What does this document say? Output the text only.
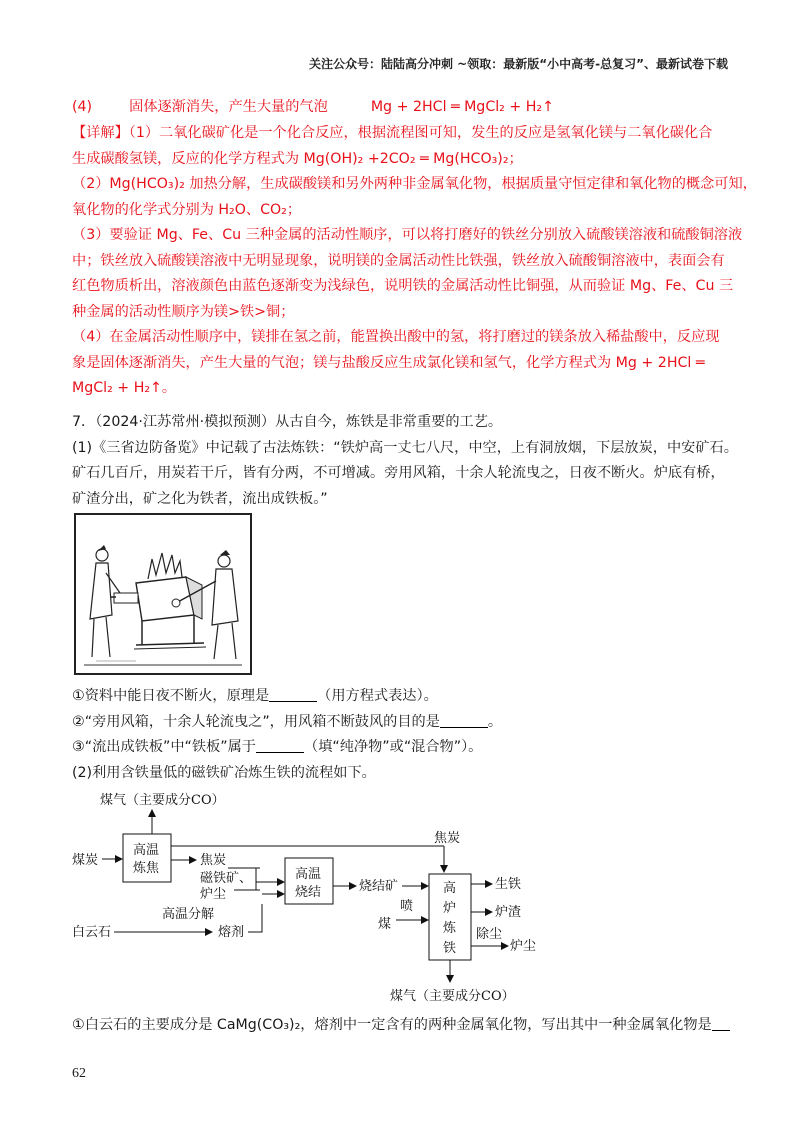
关注公众号：陆陆高分冲刺 ~领取：最新版“小中高考-总复习”、最新试卷下载
(4)	固体逐渐消失，产生大量的气泡	Mg + 2HCl ═ MgCl₂ + H₂↑
【详解】（1）二氧化碳矿化是一个化合反应，根据流程图可知，发生的反应是氢氧化镁与二氧化碳化合
生成碳酸氢镁，反应的化学方程式为 Mg(OH)₂ +2CO₂ ═ Mg(HCO₃)₂；
（2）Mg(HCO₃)₂ 加热分解，生成碳酸镁和另外两种非金属氧化物，根据质量守恒定律和氧化物的概念可知，
氧化物的化学式分别为 H₂O、CO₂；
（3）要验证 Mg、Fe、Cu 三种金属的活动性顺序，可以将打磨好的铁丝分别放入硫酸镁溶液和硫酸铜溶液
中；铁丝放入硫酸镁溶液中无明显现象，说明镁的金属活动性比铁强，铁丝放入硫酸铜溶液中，表面会有
红色物质析出，溶液颜色由蓝色逐渐变为浅绿色，说明铁的金属活动性比铜强，从而验证 Mg、Fe、Cu 三
种金属的活动性顺序为镁>铁>铜；
（4）在金属活动性顺序中，镁排在氢之前，能置换出酸中的氢，将打磨过的镁条放入稀盐酸中，反应现
象是固体逐渐消失，产生大量的气泡；镁与盐酸反应生成氯化镁和氢气，化学方程式为 Mg + 2HCl ═
MgCl₂ + H₂↑。
7．（2024·江苏常州·模拟预测）从古自今，炼铁是非常重要的工艺。
(1)《三省边防备览》中记载了古法炼铁：“铁炉高一丈七八尺，中空，上有洞放烟，下层放炭，中安矿石。
矿石几百斤，用炭若干斤，皆有分两，不可增减。旁用风箱，十余人轮流曳之，日夜不断火。炉底有桥，
矿渣分出，矿之化为铁者，流出成铁板。”
①资料中能日夜不断火，原理是	（用方程式表达）。
②“旁用风箱，十余人轮流曳之”，用风箱不断鼓风的目的是	。
③“流出成铁板”中“铁板”属于	（填“纯净物”或“混合物”）。
(2)利用含铁量低的磁铁矿冶炼生铁的流程如下。
煤气（主要成分CO）
煤炭
高温
炼焦
焦炭
焦炭
磁铁矿、
炉尘
高温
烧结	烧结矿
喷
煤
白云石
高温分解
熔剂
高
炉
炼
铁
生铁
炉渣
除尘
炉尘
煤气（主要成分CO）
①白云石的主要成分是 CaMg(CO₃)₂，熔剂中一定含有的两种金属氧化物，写出其中一种金属氧化物是
62
